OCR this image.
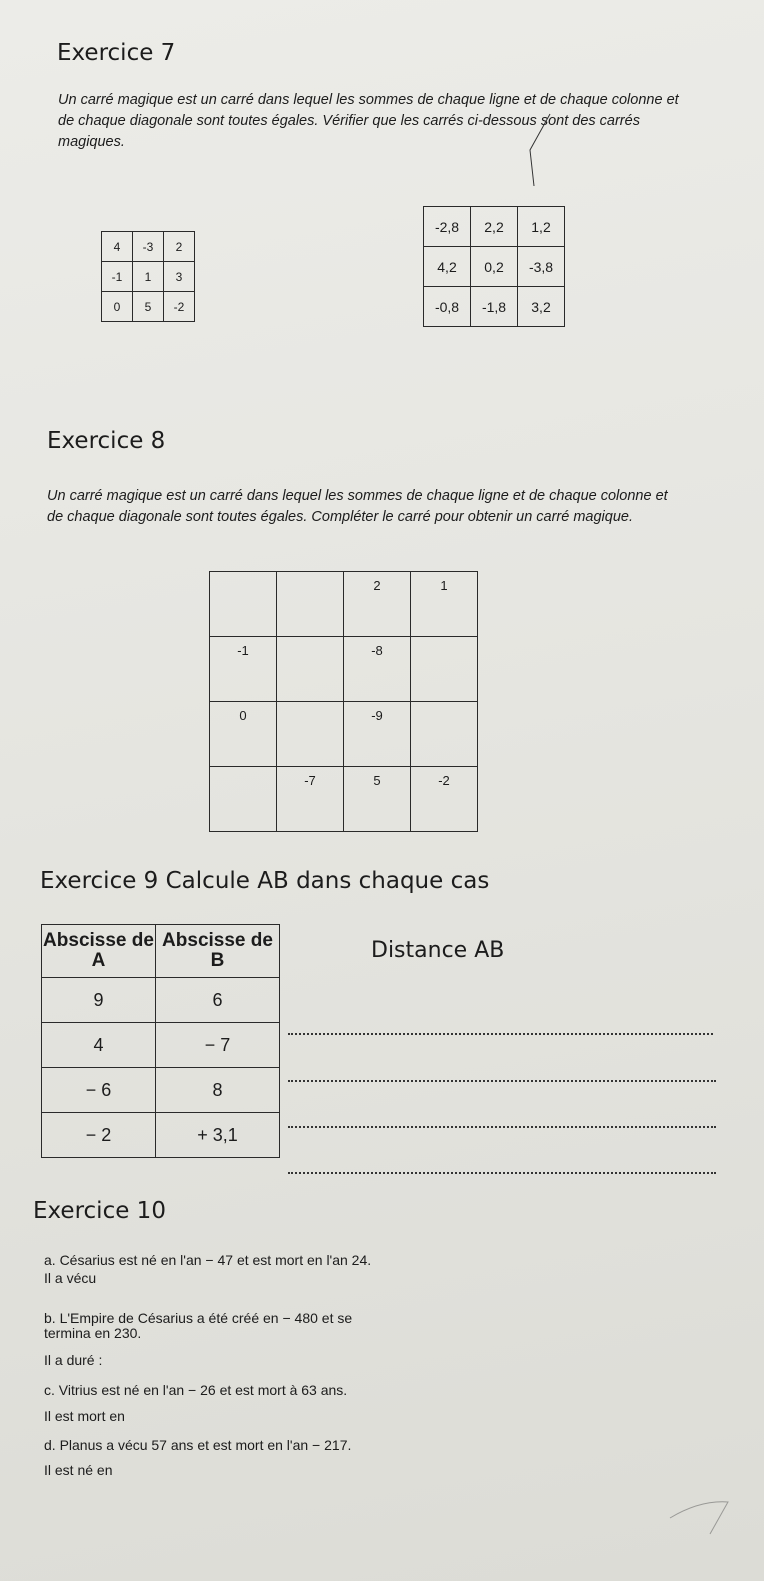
Exercice 7
Un carré magique est un carré dans lequel les sommes de chaque ligne et de chaque colonne et de chaque diagonale sont toutes égales. Vérifier que les carrés ci-dessous sont des carrés magiques.
4	-3	2
-1	1	3
0	5	-2
-2,8	2,2	1,2
4,2	0,2	-3,8
-0,8	-1,8	3,2
Exercice 8
Un carré magique est un carré dans lequel les sommes de chaque ligne et de chaque colonne et de chaque diagonale sont toutes égales. Compléter le carré pour obtenir un carré magique.
		2	1
-1		-8	
0		-9	
	-7	5	-2
Exercice 9 Calcule AB dans chaque cas
Abscisse de A	Abscisse de B
9	6
4	− 7
− 6	8
− 2	+ 3,1
Distance AB
Exercice 10
a. Césarius est né en l'an − 47 et est mort en l'an 24.
Il a vécu
b. L'Empire de Césarius a été créé en − 480 et se
termina en 230.
Il a duré :
c. Vitrius est né en l'an − 26 et est mort à 63 ans.
Il est mort en
d. Planus a vécu 57 ans et est mort en l'an − 217.
Il est né en
